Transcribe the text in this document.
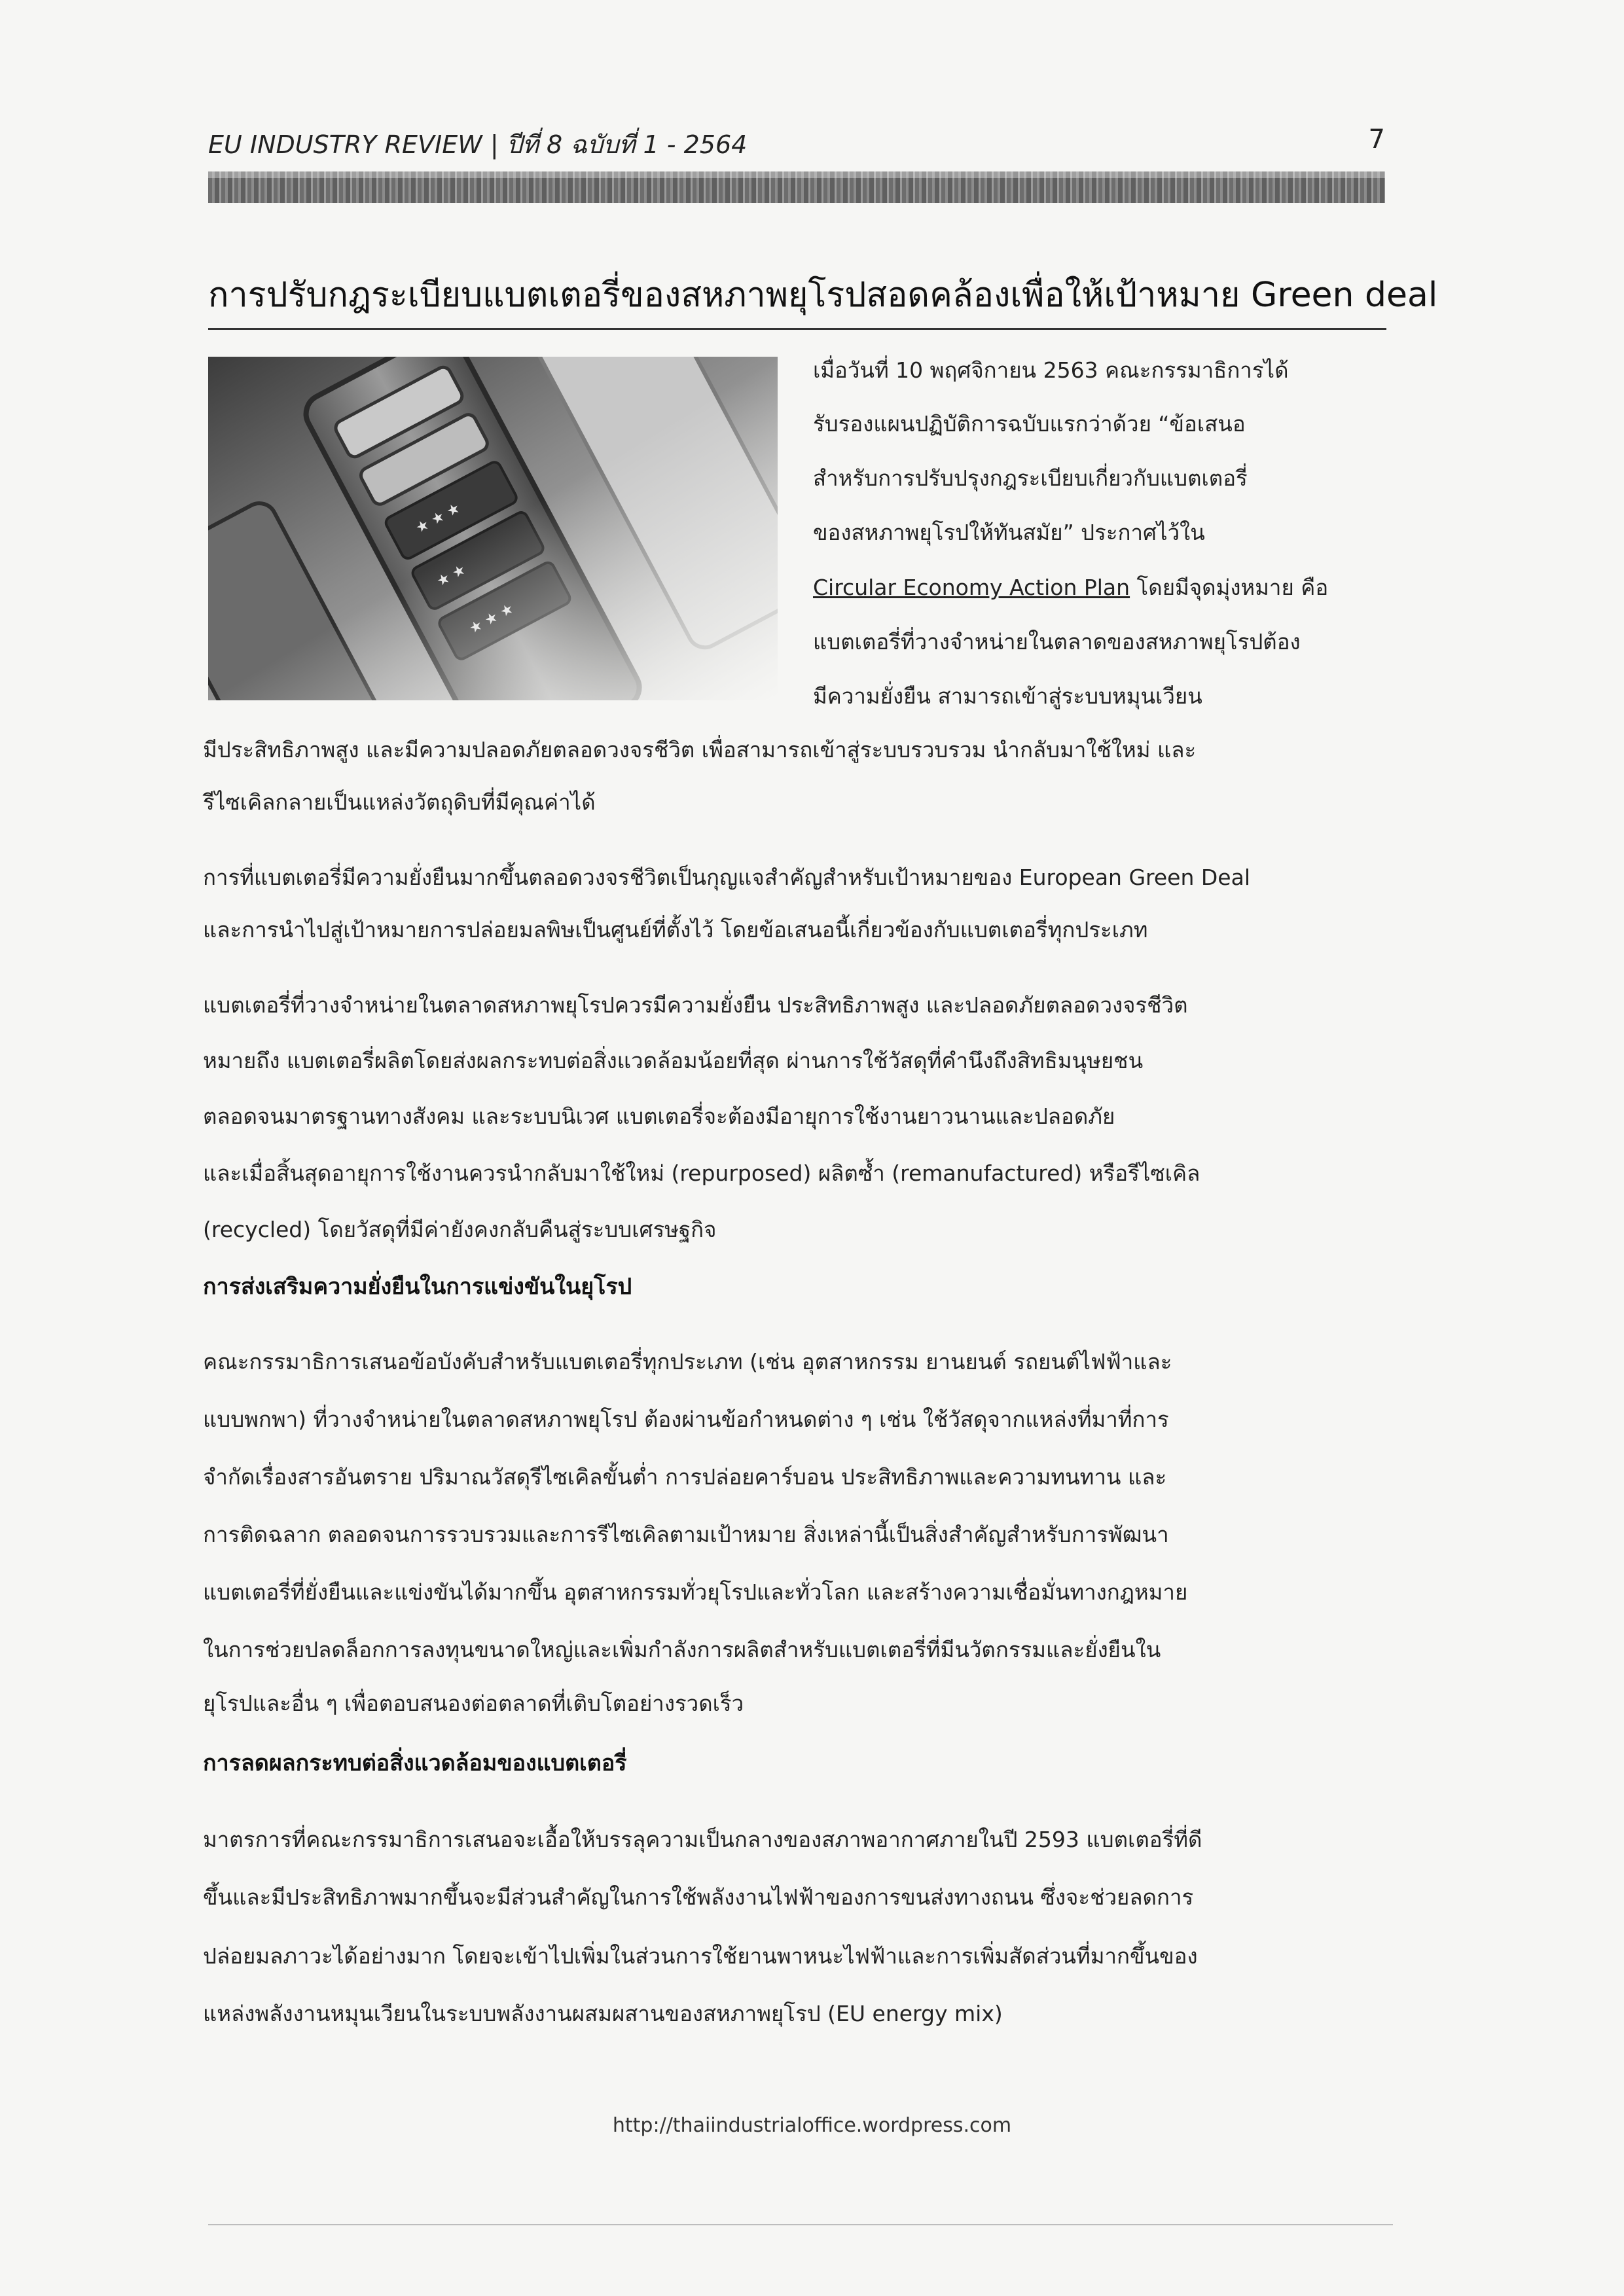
EU INDUSTRY REVIEW | ปีที่ 8 ฉบับที่ 1 - 2564	7
การปรับกฎระเบียบแบตเตอรี่ของสหภาพยุโรปสอดคล้องเพื่อให้เป้าหมาย Green deal
เมื่อวันที่ 10 พฤศจิกายน 2563 คณะกรรมาธิการได้
รับรองแผนปฏิบัติการฉบับแรกว่าด้วย “ข้อเสนอ
สำหรับการปรับปรุงกฎระเบียบเกี่ยวกับแบตเตอรี่
ของสหภาพยุโรปให้ทันสมัย” ประกาศไว้ใน
Circular Economy Action Plan โดยมีจุดมุ่งหมาย คือ
แบตเตอรี่ที่วางจำหน่ายในตลาดของสหภาพยุโรปต้อง
มีความยั่งยืน สามารถเข้าสู่ระบบหมุนเวียน
มีประสิทธิภาพสูง และมีความปลอดภัยตลอดวงจรชีวิต เพื่อสามารถเข้าสู่ระบบรวบรวม นำกลับมาใช้ใหม่ และ
รีไซเคิลกลายเป็นแหล่งวัตถุดิบที่มีคุณค่าได้
การที่แบตเตอรี่มีความยั่งยืนมากขึ้นตลอดวงจรชีวิตเป็นกุญแจสำคัญสำหรับเป้าหมายของ European Green Deal
และการนำไปสู่เป้าหมายการปล่อยมลพิษเป็นศูนย์ที่ตั้งไว้ โดยข้อเสนอนี้เกี่ยวข้องกับแบตเตอรี่ทุกประเภท
แบตเตอรี่ที่วางจำหน่ายในตลาดสหภาพยุโรปควรมีความยั่งยืน ประสิทธิภาพสูง และปลอดภัยตลอดวงจรชีวิต
หมายถึง แบตเตอรี่ผลิตโดยส่งผลกระทบต่อสิ่งแวดล้อมน้อยที่สุด ผ่านการใช้วัสดุที่คำนึงถึงสิทธิมนุษยชน
ตลอดจนมาตรฐานทางสังคม และระบบนิเวศ แบตเตอรี่จะต้องมีอายุการใช้งานยาวนานและปลอดภัย
และเมื่อสิ้นสุดอายุการใช้งานควรนำกลับมาใช้ใหม่ (repurposed) ผลิตซ้ำ (remanufactured) หรือรีไซเคิล
(recycled) โดยวัสดุที่มีค่ายังคงกลับคืนสู่ระบบเศรษฐกิจ
การส่งเสริมความยั่งยืนในการแข่งขันในยุโรป
คณะกรรมาธิการเสนอข้อบังคับสำหรับแบตเตอรี่ทุกประเภท (เช่น อุตสาหกรรม ยานยนต์ รถยนต์ไฟฟ้าและ
แบบพกพา) ที่วางจำหน่ายในตลาดสหภาพยุโรป ต้องผ่านข้อกำหนดต่าง ๆ เช่น ใช้วัสดุจากแหล่งที่มาที่การ
จำกัดเรื่องสารอันตราย ปริมาณวัสดุรีไซเคิลขั้นต่ำ การปล่อยคาร์บอน ประสิทธิภาพและความทนทาน และ
การติดฉลาก ตลอดจนการรวบรวมและการรีไซเคิลตามเป้าหมาย สิ่งเหล่านี้เป็นสิ่งสำคัญสำหรับการพัฒนา
แบตเตอรี่ที่ยั่งยืนและแข่งขันได้มากขึ้น อุตสาหกรรมทั่วยุโรปและทั่วโลก และสร้างความเชื่อมั่นทางกฎหมาย
ในการช่วยปลดล็อกการลงทุนขนาดใหญ่และเพิ่มกำลังการผลิตสำหรับแบตเตอรี่ที่มีนวัตกรรมและยั่งยืนใน
ยุโรปและอื่น ๆ เพื่อตอบสนองต่อตลาดที่เติบโตอย่างรวดเร็ว
การลดผลกระทบต่อสิ่งแวดล้อมของแบตเตอรี่
มาตรการที่คณะกรรมาธิการเสนอจะเอื้อให้บรรลุความเป็นกลางของสภาพอากาศภายในปี 2593 แบตเตอรี่ที่ดี
ขึ้นและมีประสิทธิภาพมากขึ้นจะมีส่วนสำคัญในการใช้พลังงานไฟฟ้าของการขนส่งทางถนน ซึ่งจะช่วยลดการ
ปล่อยมลภาวะได้อย่างมาก โดยจะเข้าไปเพิ่มในส่วนการใช้ยานพาหนะไฟฟ้าและการเพิ่มสัดส่วนที่มากขึ้นของ
แหล่งพลังงานหมุนเวียนในระบบพลังงานผสมผสานของสหภาพยุโรป (EU energy mix)
http://thaiindustrialoffice.wordpress.com
